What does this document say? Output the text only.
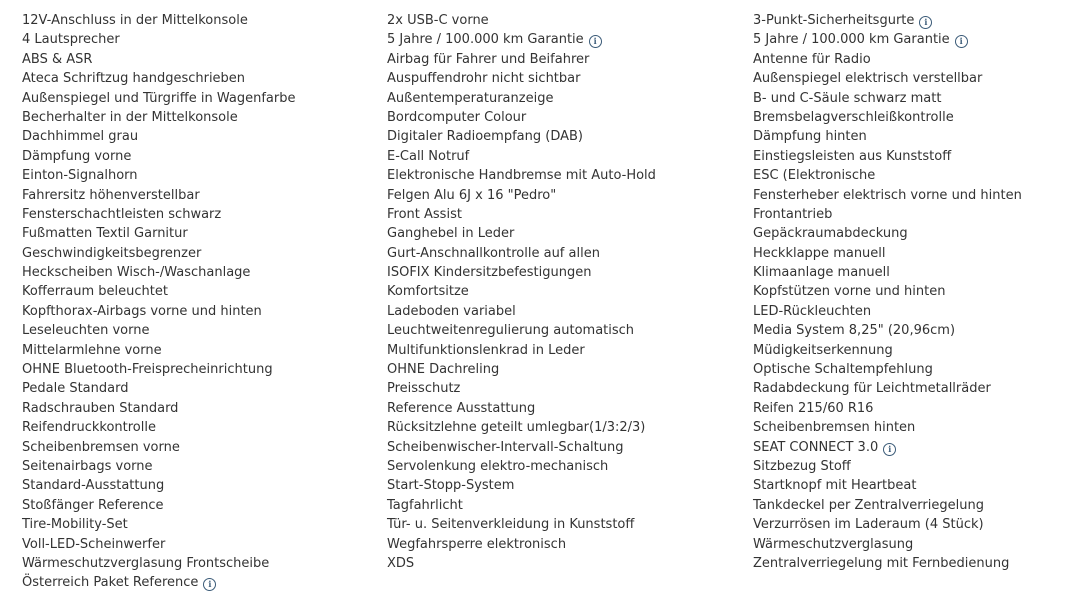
12V-Anschluss in der Mittelkonsole
4 Lautsprecher
ABS & ASR
Ateca Schriftzug handgeschrieben
Außenspiegel und Türgriffe in Wagenfarbe
Becherhalter in der Mittelkonsole
Dachhimmel grau
Dämpfung vorne
Einton-Signalhorn
Fahrersitz höhenverstellbar
Fensterschachtleisten schwarz
Fußmatten Textil Garnitur
Geschwindigkeitsbegrenzer
Heckscheiben Wisch-/Waschanlage
Kofferraum beleuchtet
Kopfthorax-Airbags vorne und hinten
Leseleuchten vorne
Mittelarmlehne vorne
OHNE Bluetooth-Freisprecheinrichtung
Pedale Standard
Radschrauben Standard
Reifendruckkontrolle
Scheibenbremsen vorne
Seitenairbags vorne
Standard-Ausstattung
Stoßfänger Reference
Tire-Mobility-Set
Voll-LED-Scheinwerfer
Wärmeschutzverglasung Frontscheibe
Österreich Paket Reference i
2x USB-C vorne
5 Jahre / 100.000 km Garantie i
Airbag für Fahrer und Beifahrer
Auspuffendrohr nicht sichtbar
Außentemperaturanzeige
Bordcomputer Colour
Digitaler Radioempfang (DAB)
E-Call Notruf
Elektronische Handbremse mit Auto-Hold
Felgen Alu 6J x 16 "Pedro"
Front Assist
Ganghebel in Leder
Gurt-Anschnallkontrolle auf allen
ISOFIX Kindersitzbefestigungen
Komfortsitze
Ladeboden variabel
Leuchtweitenregulierung automatisch
Multifunktionslenkrad in Leder
OHNE Dachreling
Preisschutz
Reference Ausstattung
Rücksitzlehne geteilt umlegbar(1/3:2/3)
Scheibenwischer-Intervall-Schaltung
Servolenkung elektro-mechanisch
Start-Stopp-System
Tagfahrlicht
Tür- u. Seitenverkleidung in Kunststoff
Wegfahrsperre elektronisch
XDS
3-Punkt-Sicherheitsgurte i
5 Jahre / 100.000 km Garantie i
Antenne für Radio
Außenspiegel elektrisch verstellbar
B- und C-Säule schwarz matt
Bremsbelagverschleißkontrolle
Dämpfung hinten
Einstiegsleisten aus Kunststoff
ESC (Elektronische
Fensterheber elektrisch vorne und hinten
Frontantrieb
Gepäckraumabdeckung
Heckklappe manuell
Klimaanlage manuell
Kopfstützen vorne und hinten
LED-Rückleuchten
Media System 8,25" (20,96cm)
Müdigkeitserkennung
Optische Schaltempfehlung
Radabdeckung für Leichtmetallräder
Reifen 215/60 R16
Scheibenbremsen hinten
SEAT CONNECT 3.0 i
Sitzbezug Stoff
Startknopf mit Heartbeat
Tankdeckel per Zentralverriegelung
Verzurrösen im Laderaum (4 Stück)
Wärmeschutzverglasung
Zentralverriegelung mit Fernbedienung
